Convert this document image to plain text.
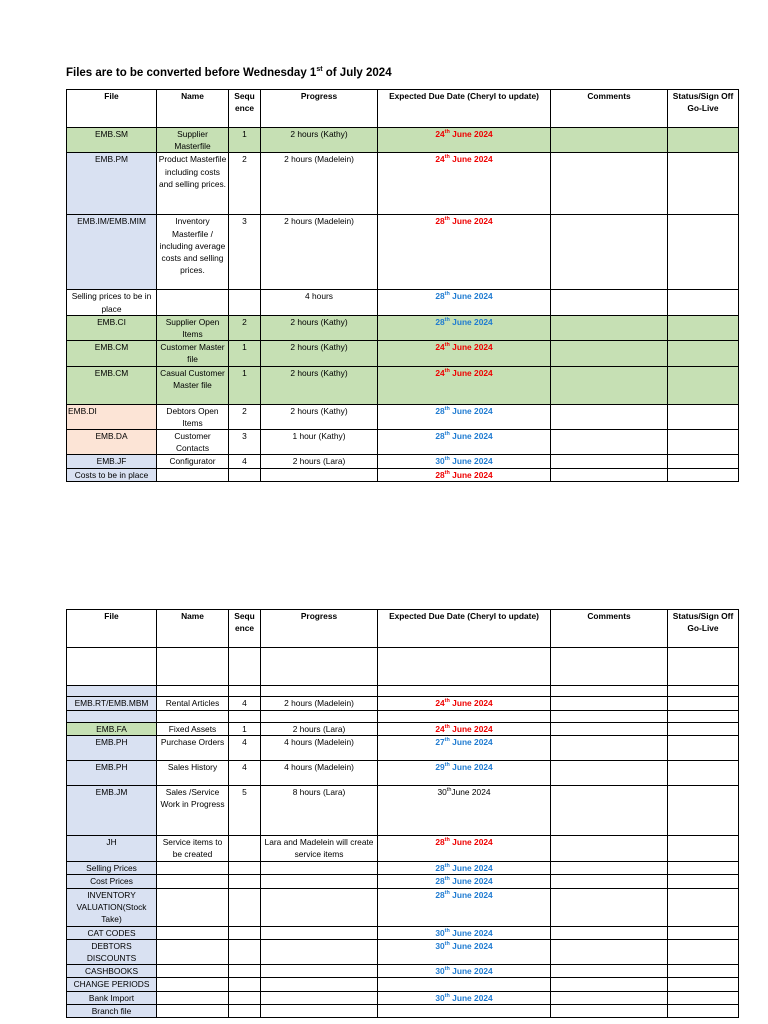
Files are to be converted before Wednesday 1st of July 2024
File	Name	Sequ ence	Progress	Expected Due Date (Cheryl to update)	Comments	Status/Sign Off Go-Live
EMB.SM	Supplier Masterfile	1	2 hours (Kathy)	24th June 2024		
EMB.PM	Product Masterfile including costs and selling prices.	2	2 hours (Madelein)	24th June 2024		
EMB.IM/EMB.MIM	Inventory Masterfile / including average costs and selling prices.	3	2 hours (Madelein)	28th June 2024		
Selling prices to be in place			4 hours	28th June 2024		
EMB.CI	Supplier Open Items	2	2 hours (Kathy)	28th June 2024		
EMB.CM	Customer Master file	1	2 hours (Kathy)	24th June 2024		
EMB.CM	Casual Customer Master file	1	2 hours (Kathy)	24th June 2024		
EMB.DI	Debtors Open Items	2	2 hours (Kathy)	28th June 2024		
EMB.DA	Customer Contacts	3	1 hour (Kathy)	28th June 2024		
EMB.JF	Configurator	4	2 hours (Lara)	30th June 2024		
Costs to be in place				28th June 2024		
File	Name	Sequ ence	Progress	Expected Due Date (Cheryl to update)	Comments	Status/Sign Off Go-Live

EMB.RT/EMB.MBM	Rental Articles	4	2 hours (Madelein)	24th June 2024		

EMB.FA	Fixed Assets	1	2 hours (Lara)	24th June 2024		
EMB.PH	Purchase Orders	4	4 hours (Madelein)	27th June 2024		
EMB.PH	Sales History	4	4 hours (Madelein)	29th June 2024		
EMB.JM	Sales /Service Work in Progress	5	8 hours (Lara)	30thJune 2024		
JH	Service items to be created		Lara and Madelein will create service items	28th June 2024		
Selling Prices				28th June 2024		
Cost Prices				28th June 2024		
INVENTORY VALUATION(Stock Take)				28th June 2024		
CAT CODES				30th June 2024		
DEBTORS DISCOUNTS				30th June 2024		
CASHBOOKS				30th June 2024		
CHANGE PERIODS						
Bank Import				30th June 2024		
Branch file						
